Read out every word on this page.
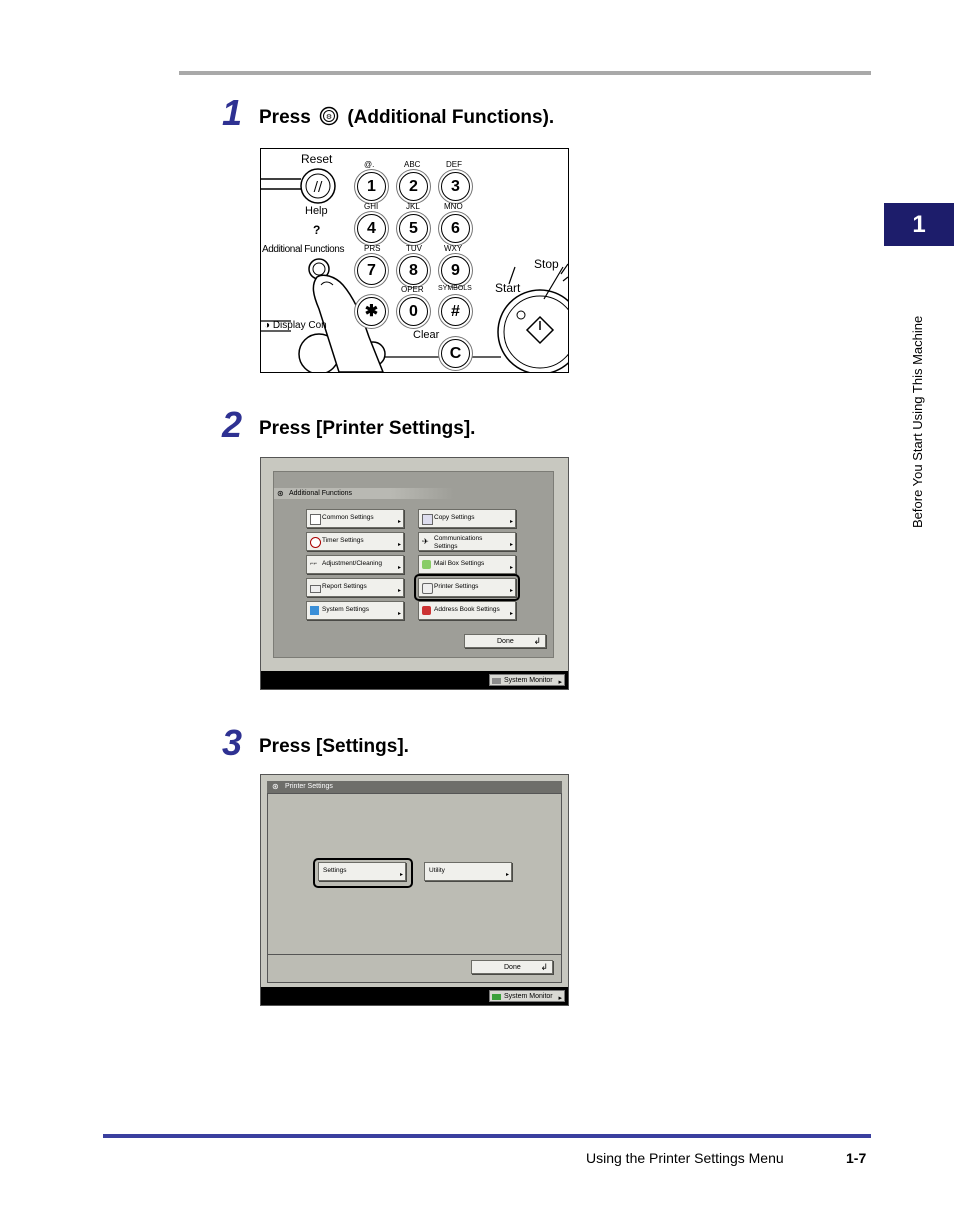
1 Press ⚙ (Additional Functions).
//
Reset
Help
?
Additional Functions
◑ Display Con
Stop
Start
Clear
@.	ABC	DEF
1	2	3
GHI	JKL	MNO
4	5	6
PRS	TUV	WXY
7	8	9
OPER SYMBOLS
✱	0	#
C
2 Press [Printer Settings].
⊛ Additional Functions
Common Settings
▸
Timer Settings
▸
⌐⌐ Adjustment/Cleaning
▸
Report Settings
▸
System Settings
▸
Copy Settings
▸
✈ Communications Settings	▸
Mail Box Settings
▸
Printer Settings
▸
Address Book Settings
▸
Done ↲
System Monitor ▸
3 Press [Settings].
⊛ Printer Settings
Settings
▸
Utility
▸
Done ↲
System Monitor ▸
1
Before You Start Using This Machine
Using the Printer Settings Menu	1-7
